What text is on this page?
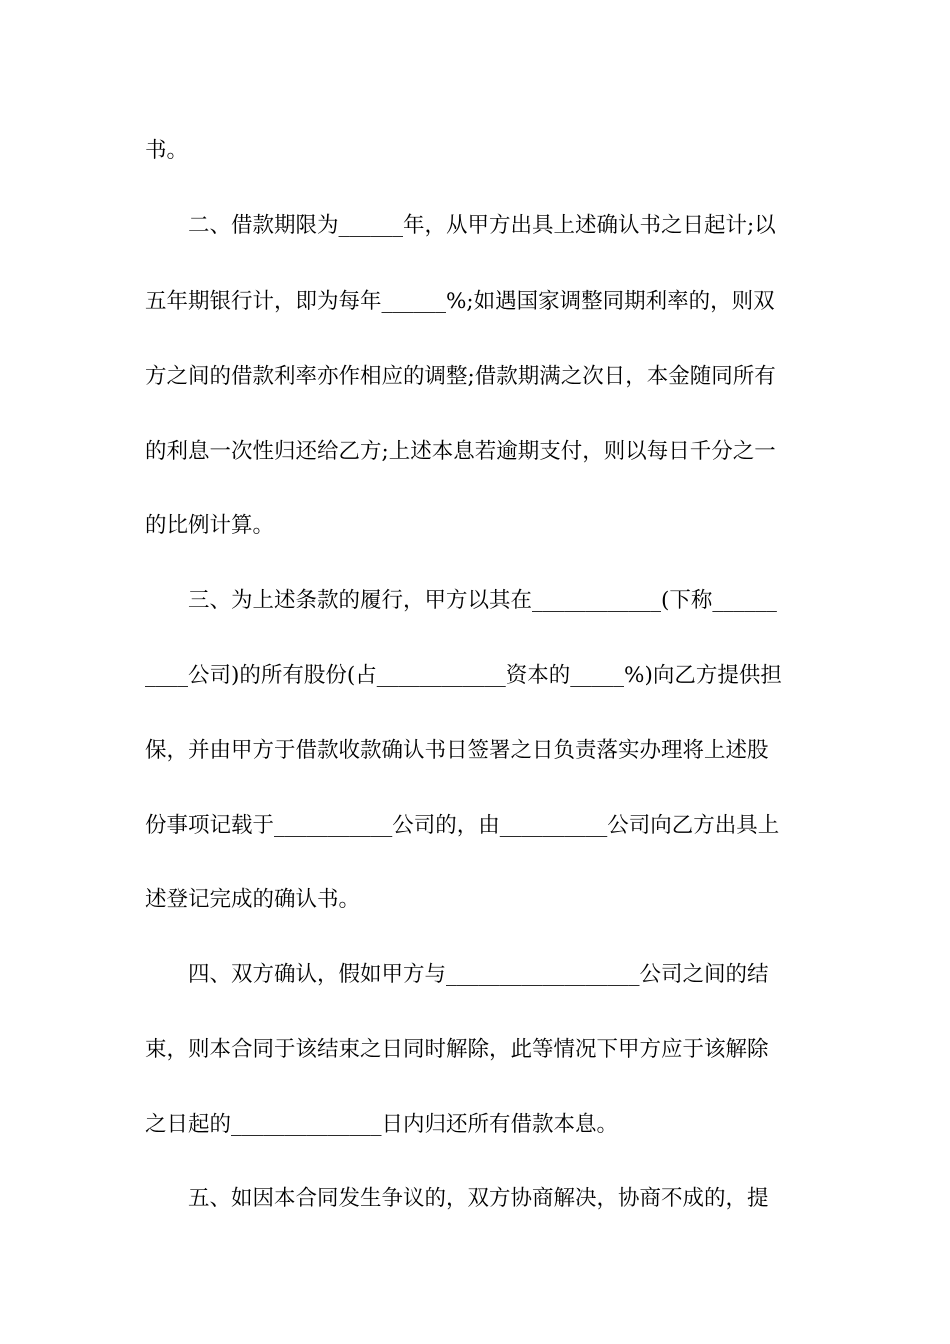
书。
　　二、借款期限为______年，从甲方出具上述确认书之日起计;以
五年期银行计，即为每年______%;如遇国家调整同期利率的，则双
方之间的借款利率亦作相应的调整;借款期满之次日，本金随同所有
的利息一次性归还给乙方;上述本息若逾期支付，则以每日千分之一
的比例计算。
　　三、为上述条款的履行，甲方以其在____________(下称______
____公司)的所有股份(占____________资本的_____%)向乙方提供担
保，并由甲方于借款收款确认书日签署之日负责落实办理将上述股
份事项记载于___________公司的，由__________公司向乙方出具上
述登记完成的确认书。
　　四、双方确认，假如甲方与__________________公司之间的结
束，则本合同于该结束之日同时解除，此等情况下甲方应于该解除
之日起的______________日内归还所有借款本息。
　　五、如因本合同发生争议的，双方协商解决，协商不成的，提
